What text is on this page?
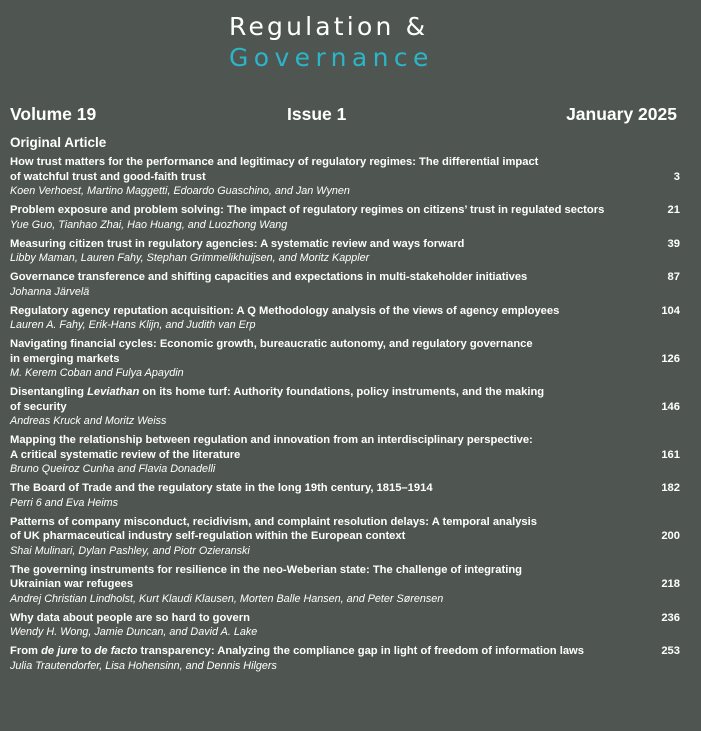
Regulation &
Governance
Volume 19	Issue 1	January 2025
Original Article
How trust matters for the performance and legitimacy of regulatory regimes: The differential impact
of watchful trust and good-faith trust
Koen Verhoest, Martino Maggetti, Edoardo Guaschino, and Jan Wynen
3
Problem exposure and problem solving: The impact of regulatory regimes on citizens’ trust in regulated sectors
Yue Guo, Tianhao Zhai, Hao Huang, and Luozhong Wang
21
Measuring citizen trust in regulatory agencies: A systematic review and ways forward
Libby Maman, Lauren Fahy, Stephan Grimmelikhuijsen, and Moritz Kappler
39
Governance transference and shifting capacities and expectations in multi-stakeholder initiatives
Johanna Järvelä
87
Regulatory agency reputation acquisition: A Q Methodology analysis of the views of agency employees
Lauren A. Fahy, Erik-Hans Klijn, and Judith van Erp
104
Navigating financial cycles: Economic growth, bureaucratic autonomy, and regulatory governance
in emerging markets
M. Kerem Coban and Fulya Apaydin
126
Disentangling Leviathan on its home turf: Authority foundations, policy instruments, and the making
of security
Andreas Kruck and Moritz Weiss
146
Mapping the relationship between regulation and innovation from an interdisciplinary perspective:
A critical systematic review of the literature
Bruno Queiroz Cunha and Flavia Donadelli
161
The Board of Trade and the regulatory state in the long 19th century, 1815–1914
Perri 6 and Eva Heims
182
Patterns of company misconduct, recidivism, and complaint resolution delays: A temporal analysis
of UK pharmaceutical industry self-regulation within the European context
Shai Mulinari, Dylan Pashley, and Piotr Ozieranski
200
The governing instruments for resilience in the neo-Weberian state: The challenge of integrating
Ukrainian war refugees
Andrej Christian Lindholst, Kurt Klaudi Klausen, Morten Balle Hansen, and Peter Sørensen
218
Why data about people are so hard to govern
Wendy H. Wong, Jamie Duncan, and David A. Lake
236
From de jure to de facto transparency: Analyzing the compliance gap in light of freedom of information laws
Julia Trautendorfer, Lisa Hohensinn, and Dennis Hilgers
253
